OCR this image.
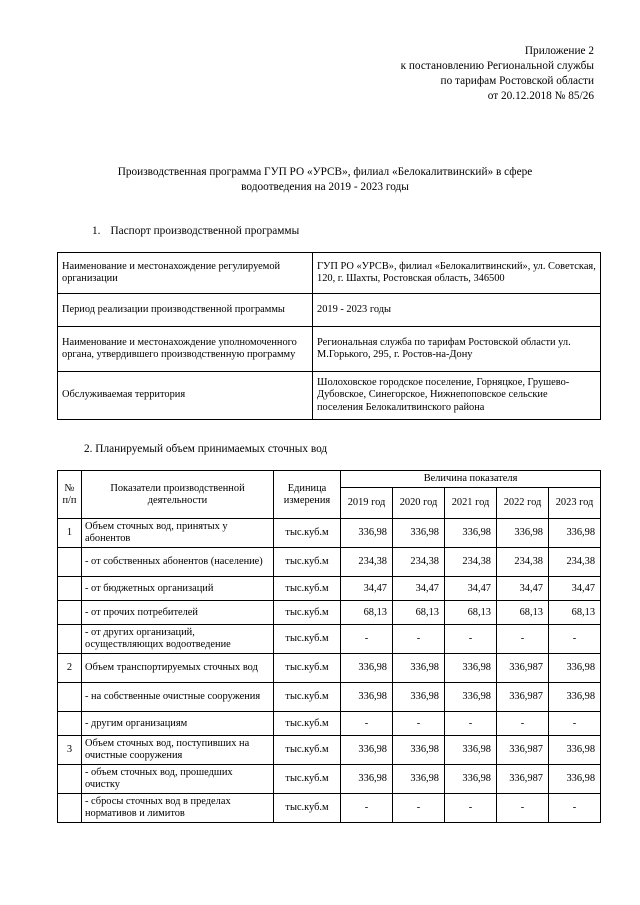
Приложение 2
к постановлению Региональной службы
по тарифам Ростовской области
от 20.12.2018 № 85/26
Производственная программа ГУП РО «УРСВ», филиал «Белокалитвинский» в сфере
водоотведения на 2019 - 2023 годы
1. Паспорт производственной программы
Наименование и местонахождение регулируемой организации	ГУП РО «УРСВ», филиал «Белокалитвинский», ул. Советская, 120, г. Шахты, Ростовская область, 346500
Период реализации производственной программы	2019 - 2023 годы
Наименование и местонахождение уполномоченного органа, утвердившего производственную программу	Региональная служба по тарифам Ростовской области ул. М.Горького, 295, г. Ростов-на-Дону
Обслуживаемая территория	Шолоховское городское поселение, Горняцкое, Грушево-Дубовское, Синегорское, Нижнепоповское сельские поселения Белокалитвинского района
2. Планируемый объем принимаемых сточных вод
№ п/п	Показатели производственной деятельности	Единица измерения	Величина показателя				
			2019 год	2020 год	2021 год	2022 год	2023 год
1	Объем сточных вод, принятых у абонентов	тыс.куб.м	336,98	336,98	336,98	336,98	336,98
	- от собственных абонентов (население)	тыс.куб.м	234,38	234,38	234,38	234,38	234,38
	- от бюджетных организаций	тыс.куб.м	34,47	34,47	34,47	34,47	34,47
	- от прочих потребителей	тыс.куб.м	68,13	68,13	68,13	68,13	68,13
	- от других организаций, осуществляющих водоотведение	тыс.куб.м	-	-	-	-	-
2	Объем транспортируемых сточных вод	тыс.куб.м	336,98	336,98	336,98	336,987	336,98
	- на собственные очистные сооружения	тыс.куб.м	336,98	336,98	336,98	336,987	336,98
	- другим организациям	тыс.куб.м	-	-	-	-	-
3	Объем сточных вод, поступивших на очистные сооружения	тыс.куб.м	336,98	336,98	336,98	336,987	336,98
	- объем сточных вод, прошедших очистку	тыс.куб.м	336,98	336,98	336,98	336,987	336,98
	- сбросы сточных вод в пределах нормативов и лимитов	тыс.куб.м	-	-	-	-	-
